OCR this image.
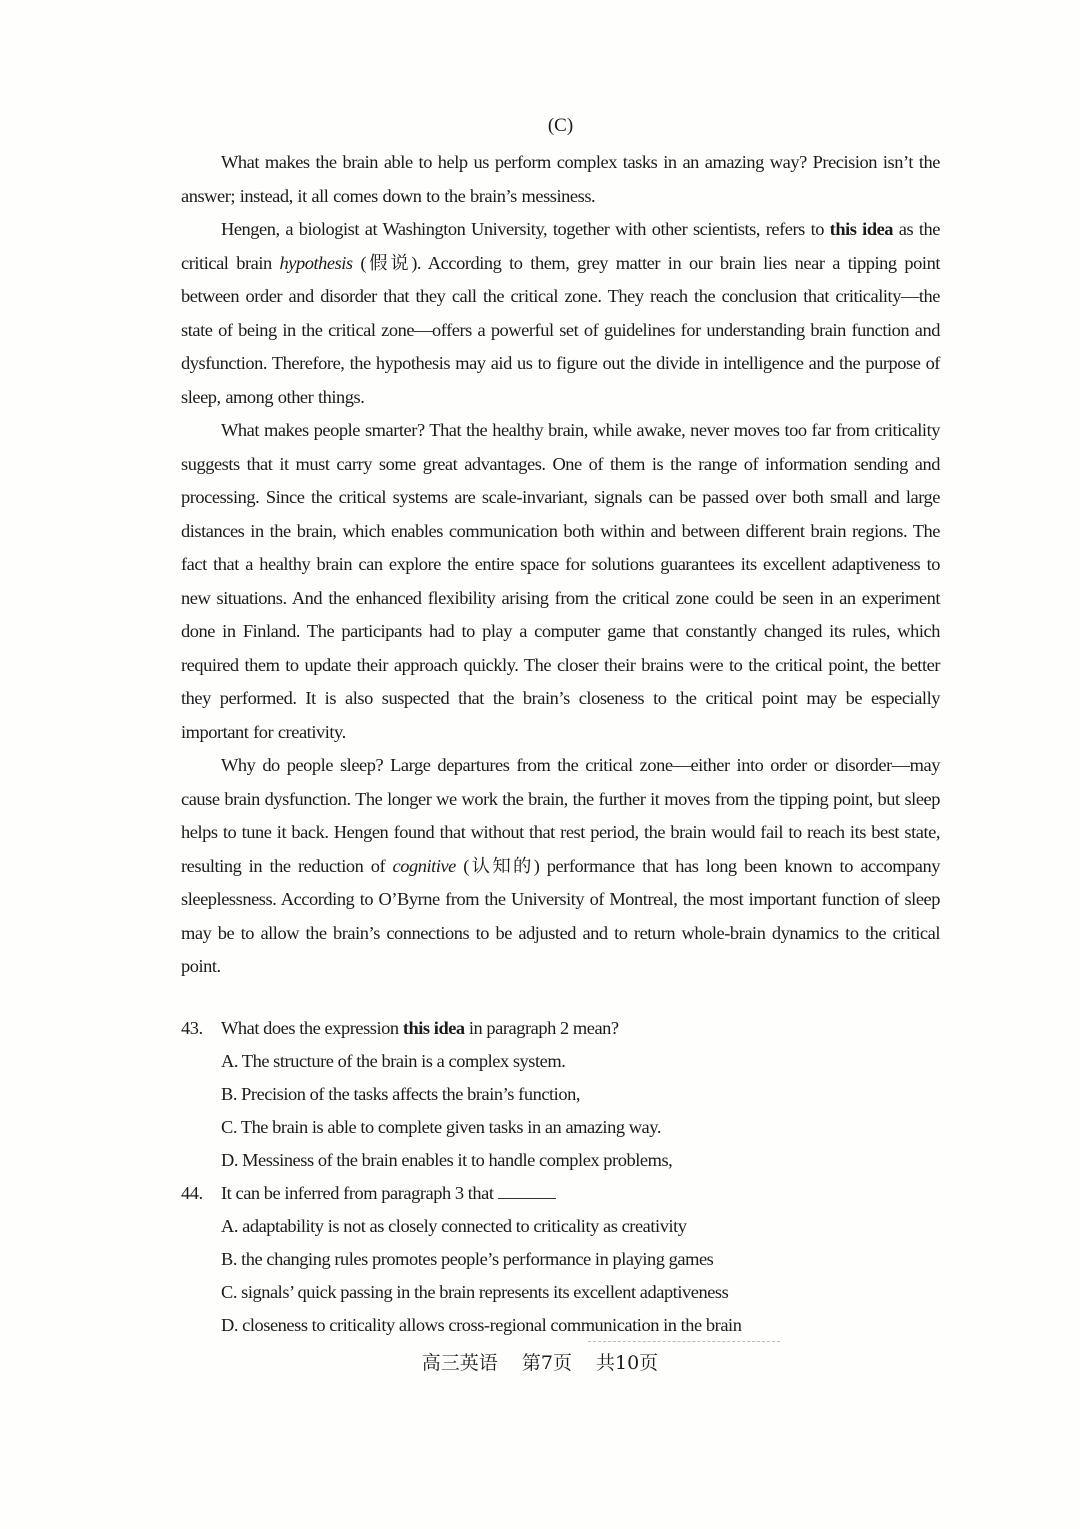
(C)

What makes the brain able to help us perform complex tasks in an amazing way? Precision isn’t the answer; instead, it all comes down to the brain’s messiness.

Hengen, a biologist at Washington University, together with other scientists, refers to this idea as the critical brain hypothesis (假说). According to them, grey matter in our brain lies near a tipping point between order and disorder that they call the critical zone. They reach the conclusion that criticality—the state of being in the critical zone—offers a powerful set of guidelines for understanding brain function and dysfunction. Therefore, the hypothesis may aid us to figure out the divide in intelligence and the purpose of sleep, among other things.

What makes people smarter? That the healthy brain, while awake, never moves too far from criticality suggests that it must carry some great advantages. One of them is the range of information sending and processing. Since the critical systems are scale-invariant, signals can be passed over both small and large distances in the brain, which enables communication both within and between different brain regions. The fact that a healthy brain can explore the entire space for solutions guarantees its excellent adaptiveness to new situations. And the enhanced flexibility arising from the critical zone could be seen in an experiment done in Finland. The participants had to play a computer game that constantly changed its rules, which required them to update their approach quickly. The closer their brains were to the critical point, the better they performed. It is also suspected that the brain’s closeness to the critical point may be especially important for creativity.

Why do people sleep? Large departures from the critical zone—either into order or disorder—may cause brain dysfunction. The longer we work the brain, the further it moves from the tipping point, but sleep helps to tune it back. Hengen found that without that rest period, the brain would fail to reach its best state, resulting in the reduction of cognitive (认知的) performance that has long been known to accompany sleeplessness. According to O’Byrne from the University of Montreal, the most important function of sleep may be to allow the brain’s connections to be adjusted and to return whole-brain dynamics to the critical point.

43. What does the expression this idea in paragraph 2 mean?
A. The structure of the brain is a complex system.
B. Precision of the tasks affects the brain’s function,
C. The brain is able to complete given tasks in an amazing way.
D. Messiness of the brain enables it to handle complex problems,
44. It can be inferred from paragraph 3 that
A. adaptability is not as closely connected to criticality as creativity
B. the changing rules promotes people’s performance in playing games
C. signals’ quick passing in the brain represents its excellent adaptiveness
D. closeness to criticality allows cross-regional communication in the brain
高三英语 第7页 共10页
